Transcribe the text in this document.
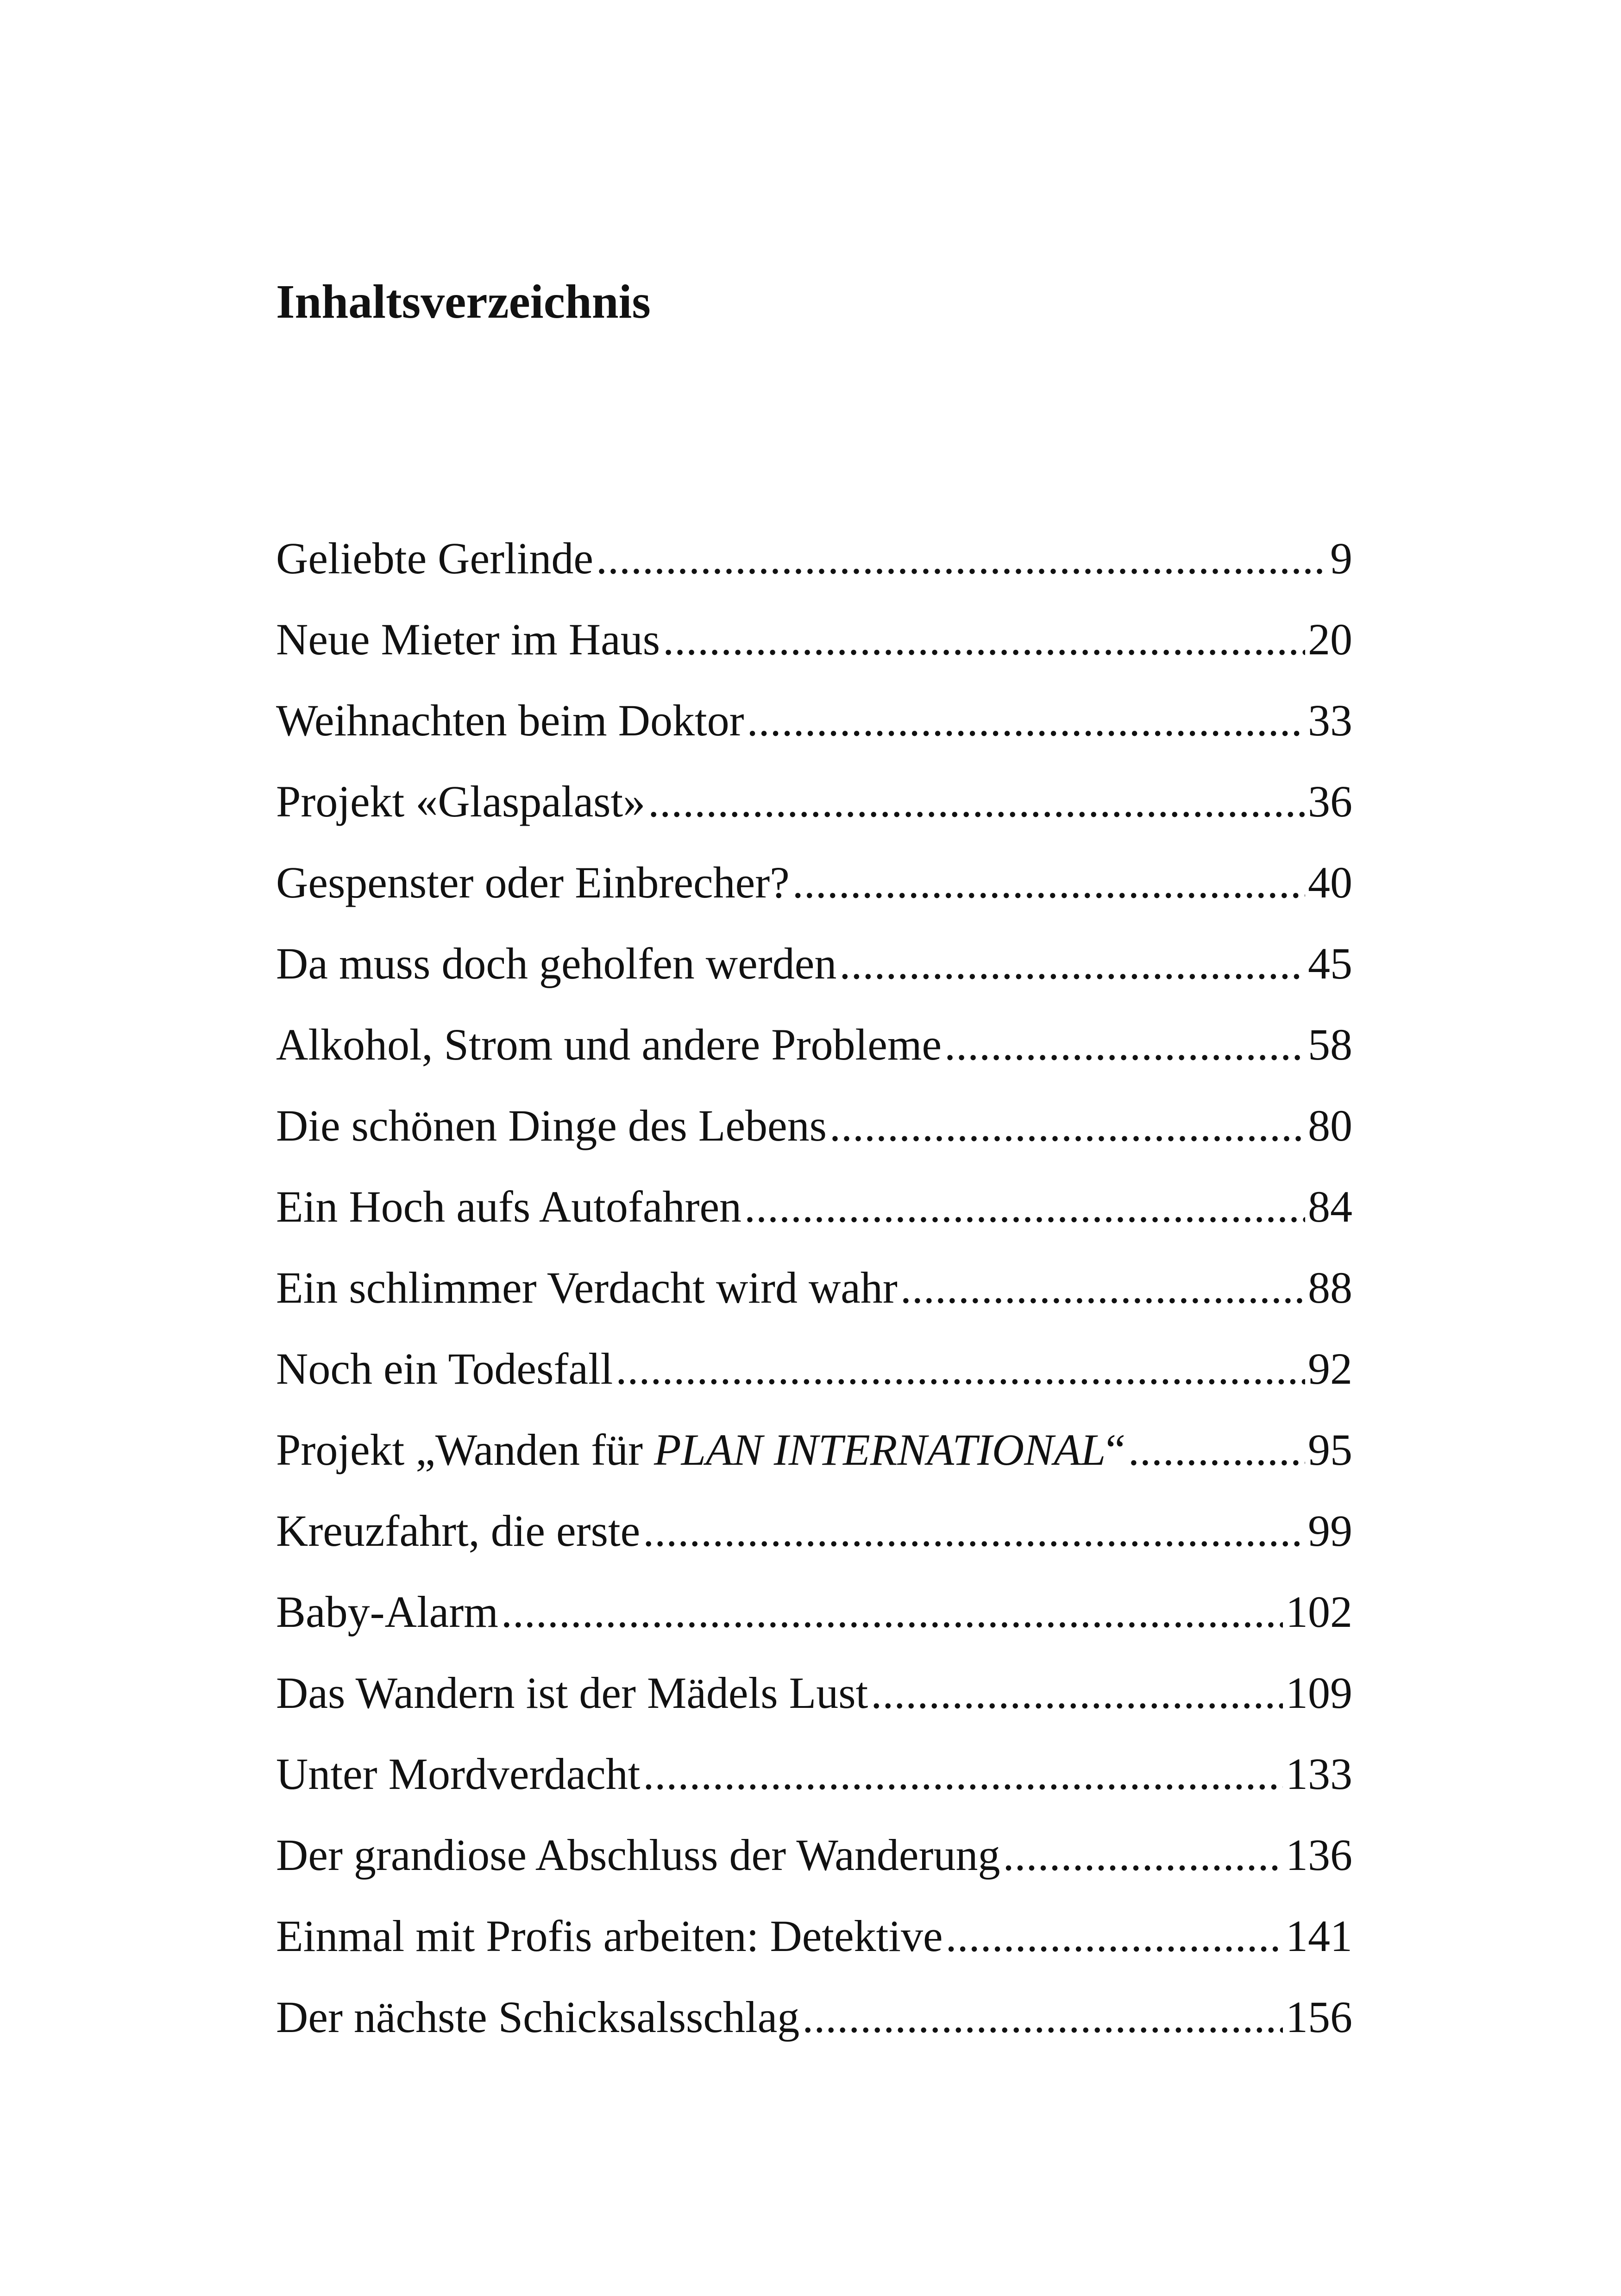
Inhaltsverzeichnis
Geliebte Gerlinde .....	9
Neue Mieter im Haus .....	20
Weihnachten beim Doktor .....	33
Projekt «Glaspalast» .....	36
Gespenster oder Einbrecher? .....	40
Da muss doch geholfen werden .....	45
Alkohol, Strom und andere Probleme .....	58
Die schönen Dinge des Lebens .....	80
Ein Hoch aufs Autofahren .....	84
Ein schlimmer Verdacht wird wahr .....	88
Noch ein Todesfall .....	92
Projekt „Wanden für PLAN INTERNATIONAL“ .....	95
Kreuzfahrt, die erste .....	99
Baby-Alarm .....	102
Das Wandern ist der Mädels Lust .....	109
Unter Mordverdacht .....	133
Der grandiose Abschluss der Wanderung .....	136
Einmal mit Profis arbeiten: Detektive .....	141
Der nächste Schicksalsschlag .....	156
